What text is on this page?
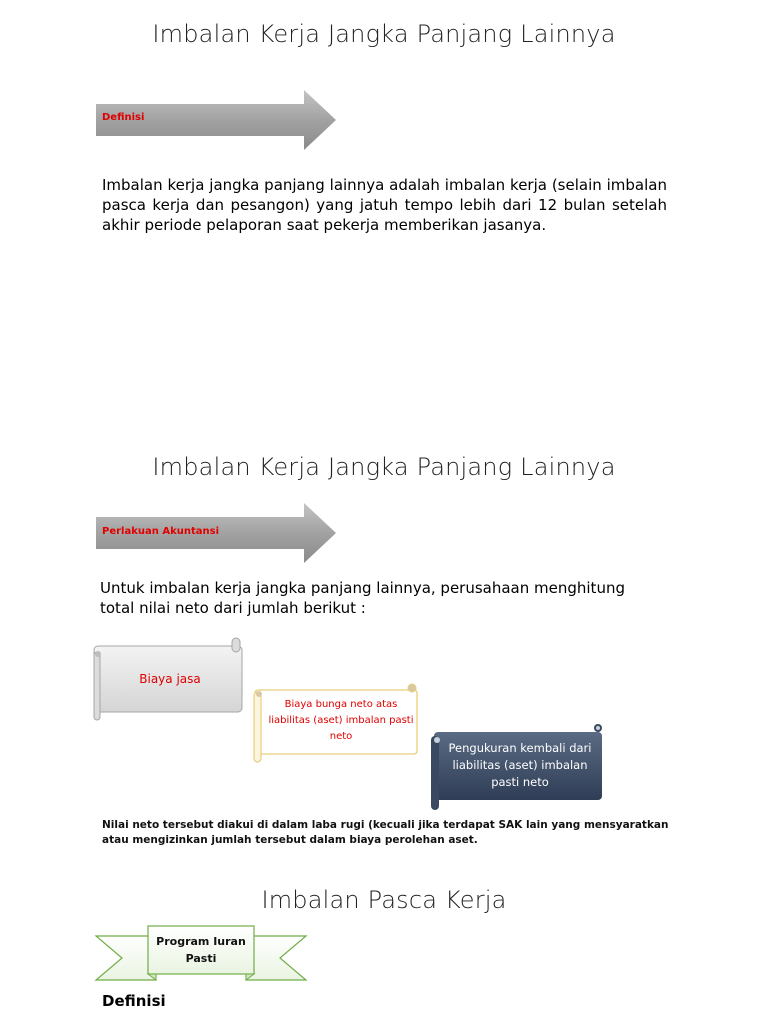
Imbalan Kerja Jangka Panjang Lainnya
Definisi
Imbalan kerja jangka panjang lainnya adalah imbalan kerja (selain imbalan pasca kerja dan pesangon) yang jatuh tempo lebih dari 12 bulan setelah akhir periode pelaporan saat pekerja memberikan jasanya.
Imbalan Kerja Jangka Panjang Lainnya
Perlakuan Akuntansi
Untuk imbalan kerja jangka panjang lainnya, perusahaan menghitung total nilai neto dari jumlah berikut :
Biaya jasa
Biaya bunga neto atas liabilitas (aset) imbalan pasti neto
Pengukuran kembali dari liabilitas (aset) imbalan pasti neto
Nilai neto tersebut diakui di dalam laba rugi (kecuali jika terdapat SAK lain yang mensyaratkan atau mengizinkan jumlah tersebut dalam biaya perolehan aset.
Imbalan Pasca Kerja
Program Iuran Pasti
Definisi
